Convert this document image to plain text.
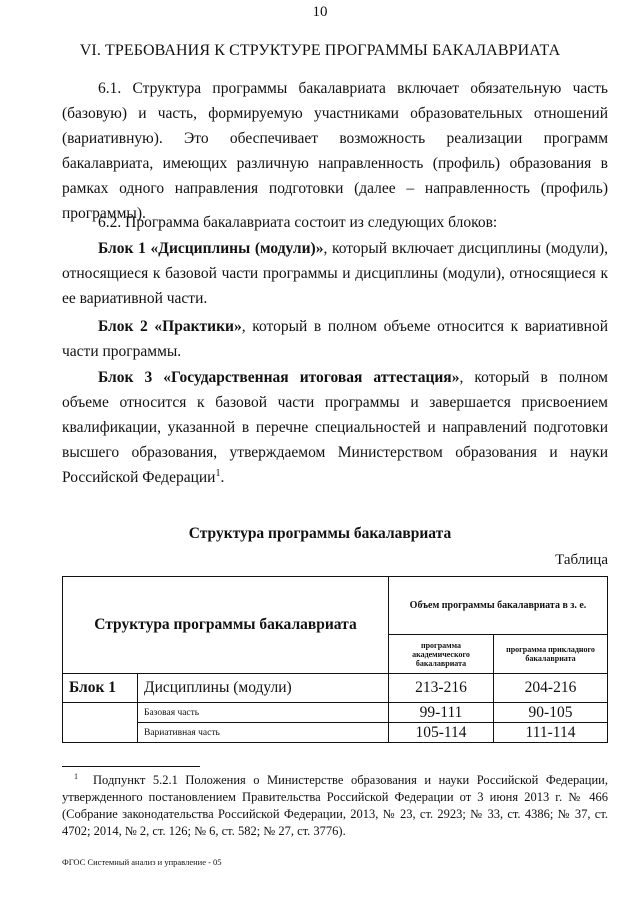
10
VI. ТРЕБОВАНИЯ К СТРУКТУРЕ ПРОГРАММЫ БАКАЛАВРИАТА

6.1. Структура программы бакалавриата включает обязательную часть (базовую) и часть, формируемую участниками образовательных отношений (вариативную). Это обеспечивает возможность реализации программ бакалавриата, имеющих различную направленность (профиль) образования в рамках одного направления подготовки (далее – направленность (профиль) программы).

6.2. Программа бакалавриата состоит из следующих блоков:

Блок 1 «Дисциплины (модули)», который включает дисциплины (модули), относящиеся к базовой части программы и дисциплины (модули), относящиеся к ее вариативной части.

Блок 2 «Практики», который в полном объеме относится к вариативной части программы.

Блок 3 «Государственная итоговая аттестация», который в полном объеме относится к базовой части программы и завершается присвоением квалификации, указанной в перечне специальностей и направлений подготовки высшего образования, утверждаемом Министерством образования и науки Российской Федерации$^1$.

Структура программы бакалавриата
Таблица
Структура программы бакалавриата		Объем программы бакалавриата в з. е.	
		программа академического бакалавриата	программа прикладного бакалавриата
Блок 1	Дисциплины (модули)	213-216	204-216
	Базовая часть	99-111	90-105
	Вариативная часть	105-114	111-114

$^1$ Подпункт 5.2.1 Положения о Министерстве образования и науки Российской Федерации, утвержденного постановлением Правительства Российской Федерации от 3 июня 2013 г. № 466 (Собрание законодательства Российской Федерации, 2013, № 23, ст. 2923; № 33, ст. 4386; № 37, ст. 4702; 2014, № 2, ст. 126; № 6, ст. 582; № 27, ст. 3776).

ФГОС Системный анализ и управление - 05
